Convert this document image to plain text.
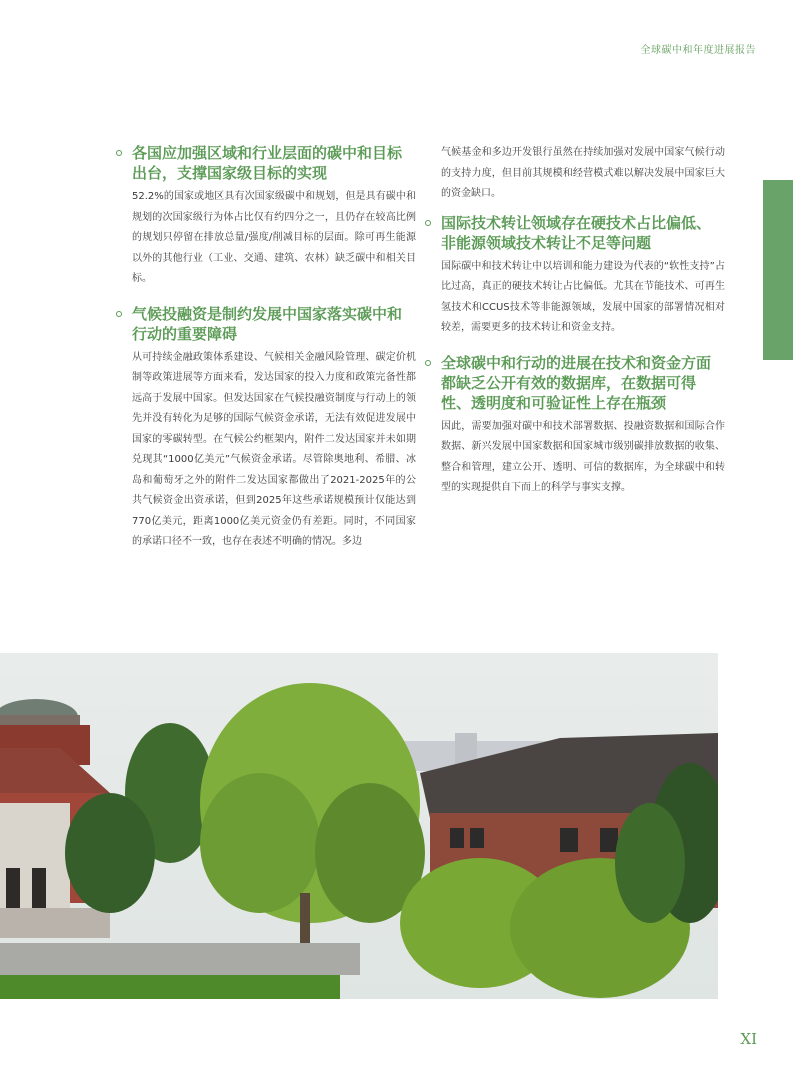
全球碳中和年度进展报告
各国应加强区域和行业层面的碳中和目标出台，支撑国家级目标的实现

52.2%的国家或地区具有次国家级碳中和规划，但是具有碳中和规划的次国家级行为体占比仅有约四分之一，且仍存在较高比例的规划只停留在排放总量/强度/削减目标的层面。除可再生能源以外的其他行业（工业、交通、建筑、农林）缺乏碳中和相关目标。

气候投融资是制约发展中国家落实碳中和行动的重要障碍

从可持续金融政策体系建设、气候相关金融风险管理、碳定价机制等政策进展等方面来看，发达国家的投入力度和政策完备性都远高于发展中国家。但发达国家在气候投融资制度与行动上的领先并没有转化为足够的国际气候资金承诺，无法有效促进发展中国家的零碳转型。在气候公约框架内，附件二发达国家并未如期兑现其“1000亿美元”气候资金承诺。尽管除奥地利、希腊、冰岛和葡萄牙之外的附件二发达国家都做出了2021-2025年的公共气候资金出资承诺，但到2025年这些承诺规模预计仅能达到770亿美元，距离1000亿美元资金仍有差距。同时，不同国家的承诺口径不一致，也存在表述不明确的情况。多边

气候基金和多边开发银行虽然在持续加强对发展中国家气候行动的支持力度，但目前其规模和经营模式难以解决发展中国家巨大的资金缺口。

国际技术转让领域存在硬技术占比偏低、非能源领域技术转让不足等问题

国际碳中和技术转让中以培训和能力建设为代表的“软性支持”占比过高，真正的硬技术转让占比偏低。尤其在节能技术、可再生氢技术和CCUS技术等非能源领域，发展中国家的部署情况相对较差，需要更多的技术转让和资金支持。

全球碳中和行动的进展在技术和资金方面都缺乏公开有效的数据库，在数据可得性、透明度和可验证性上存在瓶颈

因此，需要加强对碳中和技术部署数据、投融资数据和国际合作数据、新兴发展中国家数据和国家城市级别碳排放数据的收集、整合和管理，建立公开、透明、可信的数据库，为全球碳中和转型的实现提供自下而上的科学与事实支撑。

XI
